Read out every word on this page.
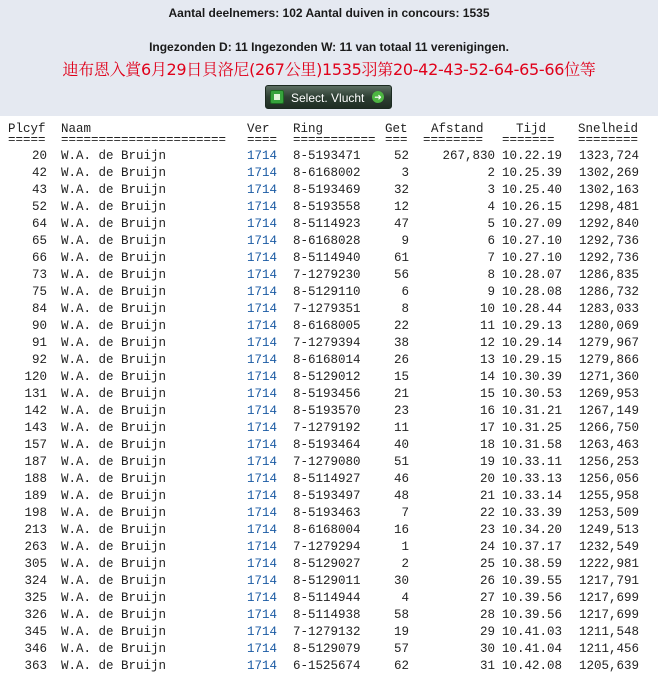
Aantal deelnemers: 102 Aantal duiven in concours: 1535
Ingezonden D: 11 Ingezonden W: 11 van totaal 11 verenigingen.
迪布恩入賞6月29日貝洛尼(267公里)1535羽第20-42-43-52-64-65-66位等
Select. Vlucht ➜
Plcyf Naam	Ver Ring	Get Afstand	Tijd	Snelheid
===== ====================== ==== =========== === ======== ======= ========
20 W.A. de Bruijn	1714 8-5193471	52	267,830 10.22.19	1323,724
42 W.A. de Bruijn	1714 8-6168002	3	2 10.25.39	1302,269
43 W.A. de Bruijn	1714 8-5193469	32	3 10.25.40	1302,163
52 W.A. de Bruijn	1714 8-5193558	12	4 10.26.15	1298,481
64 W.A. de Bruijn	1714 8-5114923	47	5 10.27.09	1292,840
65 W.A. de Bruijn	1714 8-6168028	9	6 10.27.10	1292,736
66 W.A. de Bruijn	1714 8-5114940	61	7 10.27.10	1292,736
73 W.A. de Bruijn	1714 7-1279230	56	8 10.28.07	1286,835
75 W.A. de Bruijn	1714 8-5129110	6	9 10.28.08	1286,732
84 W.A. de Bruijn	1714 7-1279351	8	10 10.28.44	1283,033
90 W.A. de Bruijn	1714 8-6168005	22	11 10.29.13	1280,069
91 W.A. de Bruijn	1714 7-1279394	38	12 10.29.14	1279,967
92 W.A. de Bruijn	1714 8-6168014	26	13 10.29.15	1279,866
120 W.A. de Bruijn	1714 8-5129012	15	14 10.30.39	1271,360
131 W.A. de Bruijn	1714 8-5193456	21	15 10.30.53	1269,953
142 W.A. de Bruijn	1714 8-5193570	23	16 10.31.21	1267,149
143 W.A. de Bruijn	1714 7-1279192	11	17 10.31.25	1266,750
157 W.A. de Bruijn	1714 8-5193464	40	18 10.31.58	1263,463
187 W.A. de Bruijn	1714 7-1279080	51	19 10.33.11	1256,253
188 W.A. de Bruijn	1714 8-5114927	46	20 10.33.13	1256,056
189 W.A. de Bruijn	1714 8-5193497	48	21 10.33.14	1255,958
198 W.A. de Bruijn	1714 8-5193463	7	22 10.33.39	1253,509
213 W.A. de Bruijn	1714 8-6168004	16	23 10.34.20	1249,513
263 W.A. de Bruijn	1714 7-1279294	1	24 10.37.17	1232,549
305 W.A. de Bruijn	1714 8-5129027	2	25 10.38.59	1222,981
324 W.A. de Bruijn	1714 8-5129011	30	26 10.39.55	1217,791
325 W.A. de Bruijn	1714 8-5114944	4	27 10.39.56	1217,699
326 W.A. de Bruijn	1714 8-5114938	58	28 10.39.56	1217,699
345 W.A. de Bruijn	1714 7-1279132	19	29 10.41.03	1211,548
346 W.A. de Bruijn	1714 8-5129079	57	30 10.41.04	1211,456
363 W.A. de Bruijn	1714 6-1525674	62	31 10.42.08	1205,639
